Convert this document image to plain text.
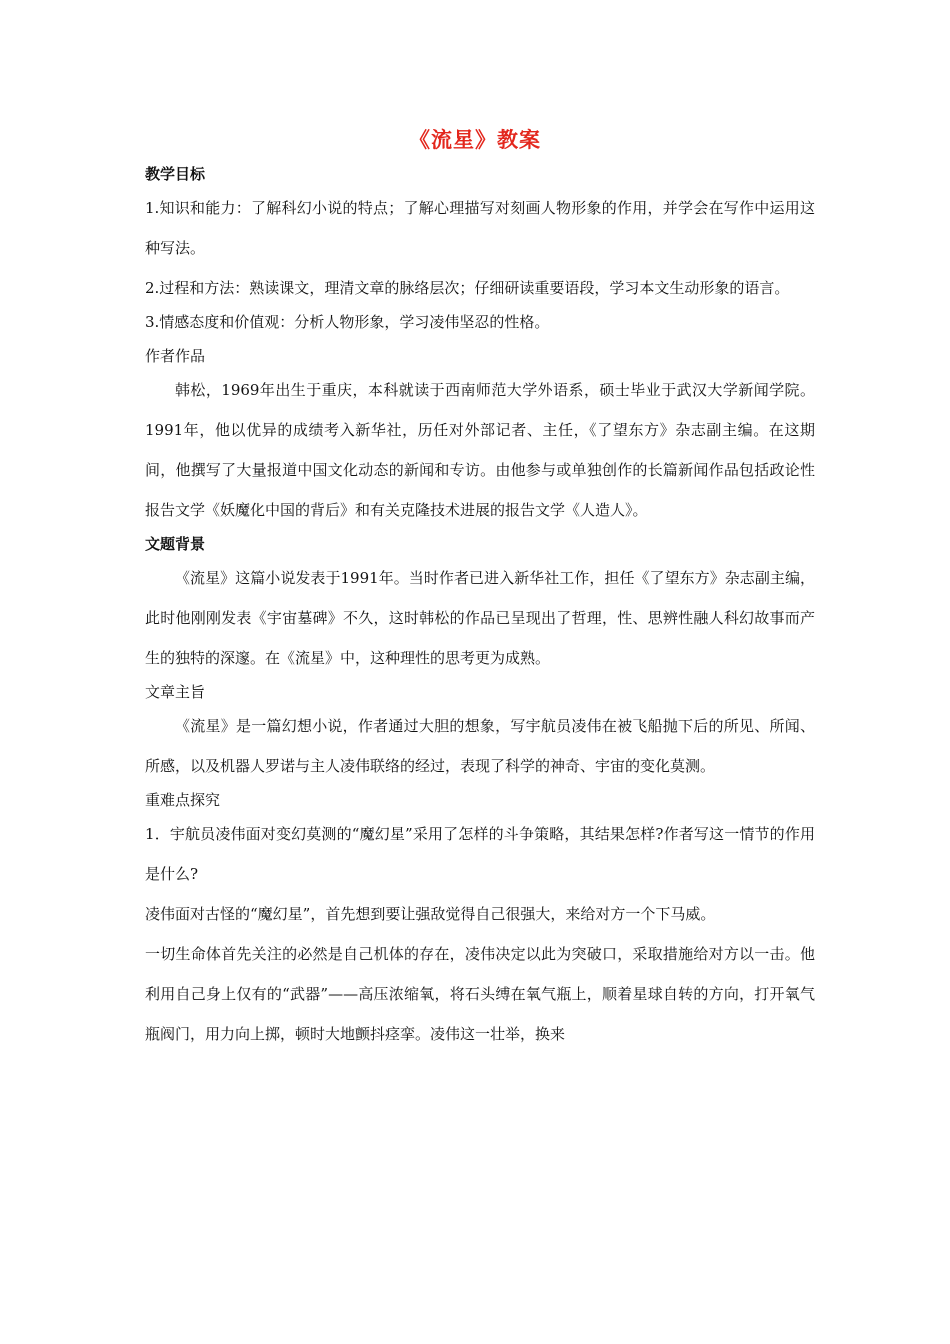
《流星》教案
教学目标

1.知识和能力：了解科幻小说的特点；了解心理描写对刻画人物形象的作用，并学会在写作中运用这种写法。

2.过程和方法：熟读课文，理清文章的脉络层次；仔细研读重要语段，学习本文生动形象的语言。

3.情感态度和价值观：分析人物形象，学习凌伟坚忍的性格。

作者作品

韩松，1969年出生于重庆，本科就读于西南师范大学外语系，硕士毕业于武汉大学新闻学院。1991年，他以优异的成绩考入新华社，历任对外部记者、主任，《了望东方》杂志副主编。在这期间，他撰写了大量报道中国文化动态的新闻和专访。由他参与或单独创作的长篇新闻作品包括政论性报告文学《妖魔化中国的背后》和有关克隆技术进展的报告文学《人造人》。

文题背景

《流星》这篇小说发表于1991年。当时作者已进入新华社工作，担任《了望东方》杂志副主编，此时他刚刚发表《宇宙墓碑》不久，这时韩松的作品已呈现出了哲理，性、思辨性融人科幻故事而产生的独特的深邃。在《流星》中，这种理性的思考更为成熟。

文章主旨

《流星》是一篇幻想小说，作者通过大胆的想象，写宇航员凌伟在被飞船抛下后的所见、所闻、所感，以及机器人罗诺与主人凌伟联络的经过，表现了科学的神奇、宇宙的变化莫测。

重难点探究

1．宇航员凌伟面对变幻莫测的“魔幻星”采用了怎样的斗争策略，其结果怎样?作者写这一情节的作用是什么?

凌伟面对古怪的“魔幻星”，首先想到要让强敌觉得自己很强大，来给对方一个下马威。

一切生命体首先关注的必然是自己机体的存在，凌伟决定以此为突破口，采取措施给对方以一击。他利用自己身上仅有的“武器”——高压浓缩氧，将石头缚在氧气瓶上，顺着星球自转的方向，打开氧气瓶阀门，用力向上掷，顿时大地颤抖痉挛。凌伟这一壮举，换来
